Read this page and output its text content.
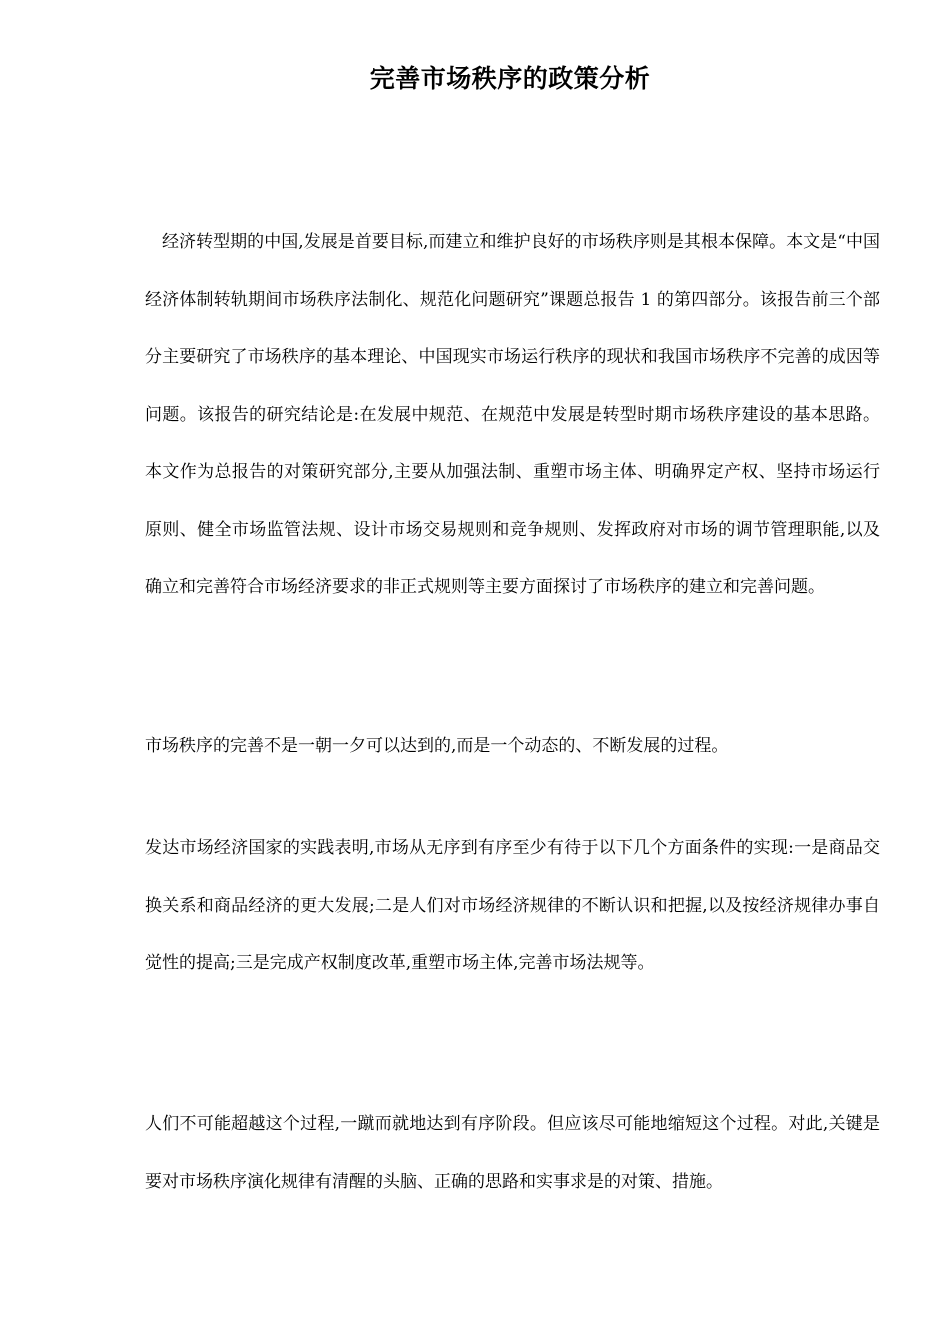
完善市场秩序的政策分析

经济转型期的中国,发展是首要目标,而建立和维护良好的市场秩序则是其根本保障。本文是“中国经济体制转轨期间市场秩序法制化、规范化问题研究”课题总报告 1 的第四部分。该报告前三个部分主要研究了市场秩序的基本理论、中国现实市场运行秩序的现状和我国市场秩序不完善的成因等问题。该报告的研究结论是:在发展中规范、在规范中发展是转型时期市场秩序建设的基本思路。本文作为总报告的对策研究部分,主要从加强法制、重塑市场主体、明确界定产权、坚持市场运行原则、健全市场监管法规、设计市场交易规则和竞争规则、发挥政府对市场的调节管理职能,以及确立和完善符合市场经济要求的非正式规则等主要方面探讨了市场秩序的建立和完善问题。

市场秩序的完善不是一朝一夕可以达到的,而是一个动态的、不断发展的过程。

发达市场经济国家的实践表明,市场从无序到有序至少有待于以下几个方面条件的实现:一是商品交换关系和商品经济的更大发展;二是人们对市场经济规律的不断认识和把握,以及按经济规律办事自觉性的提高;三是完成产权制度改革,重塑市场主体,完善市场法规等。

人们不可能超越这个过程,一蹴而就地达到有序阶段。但应该尽可能地缩短这个过程。对此,关键是要对市场秩序演化规律有清醒的头脑、正确的思路和实事求是的对策、措施。
